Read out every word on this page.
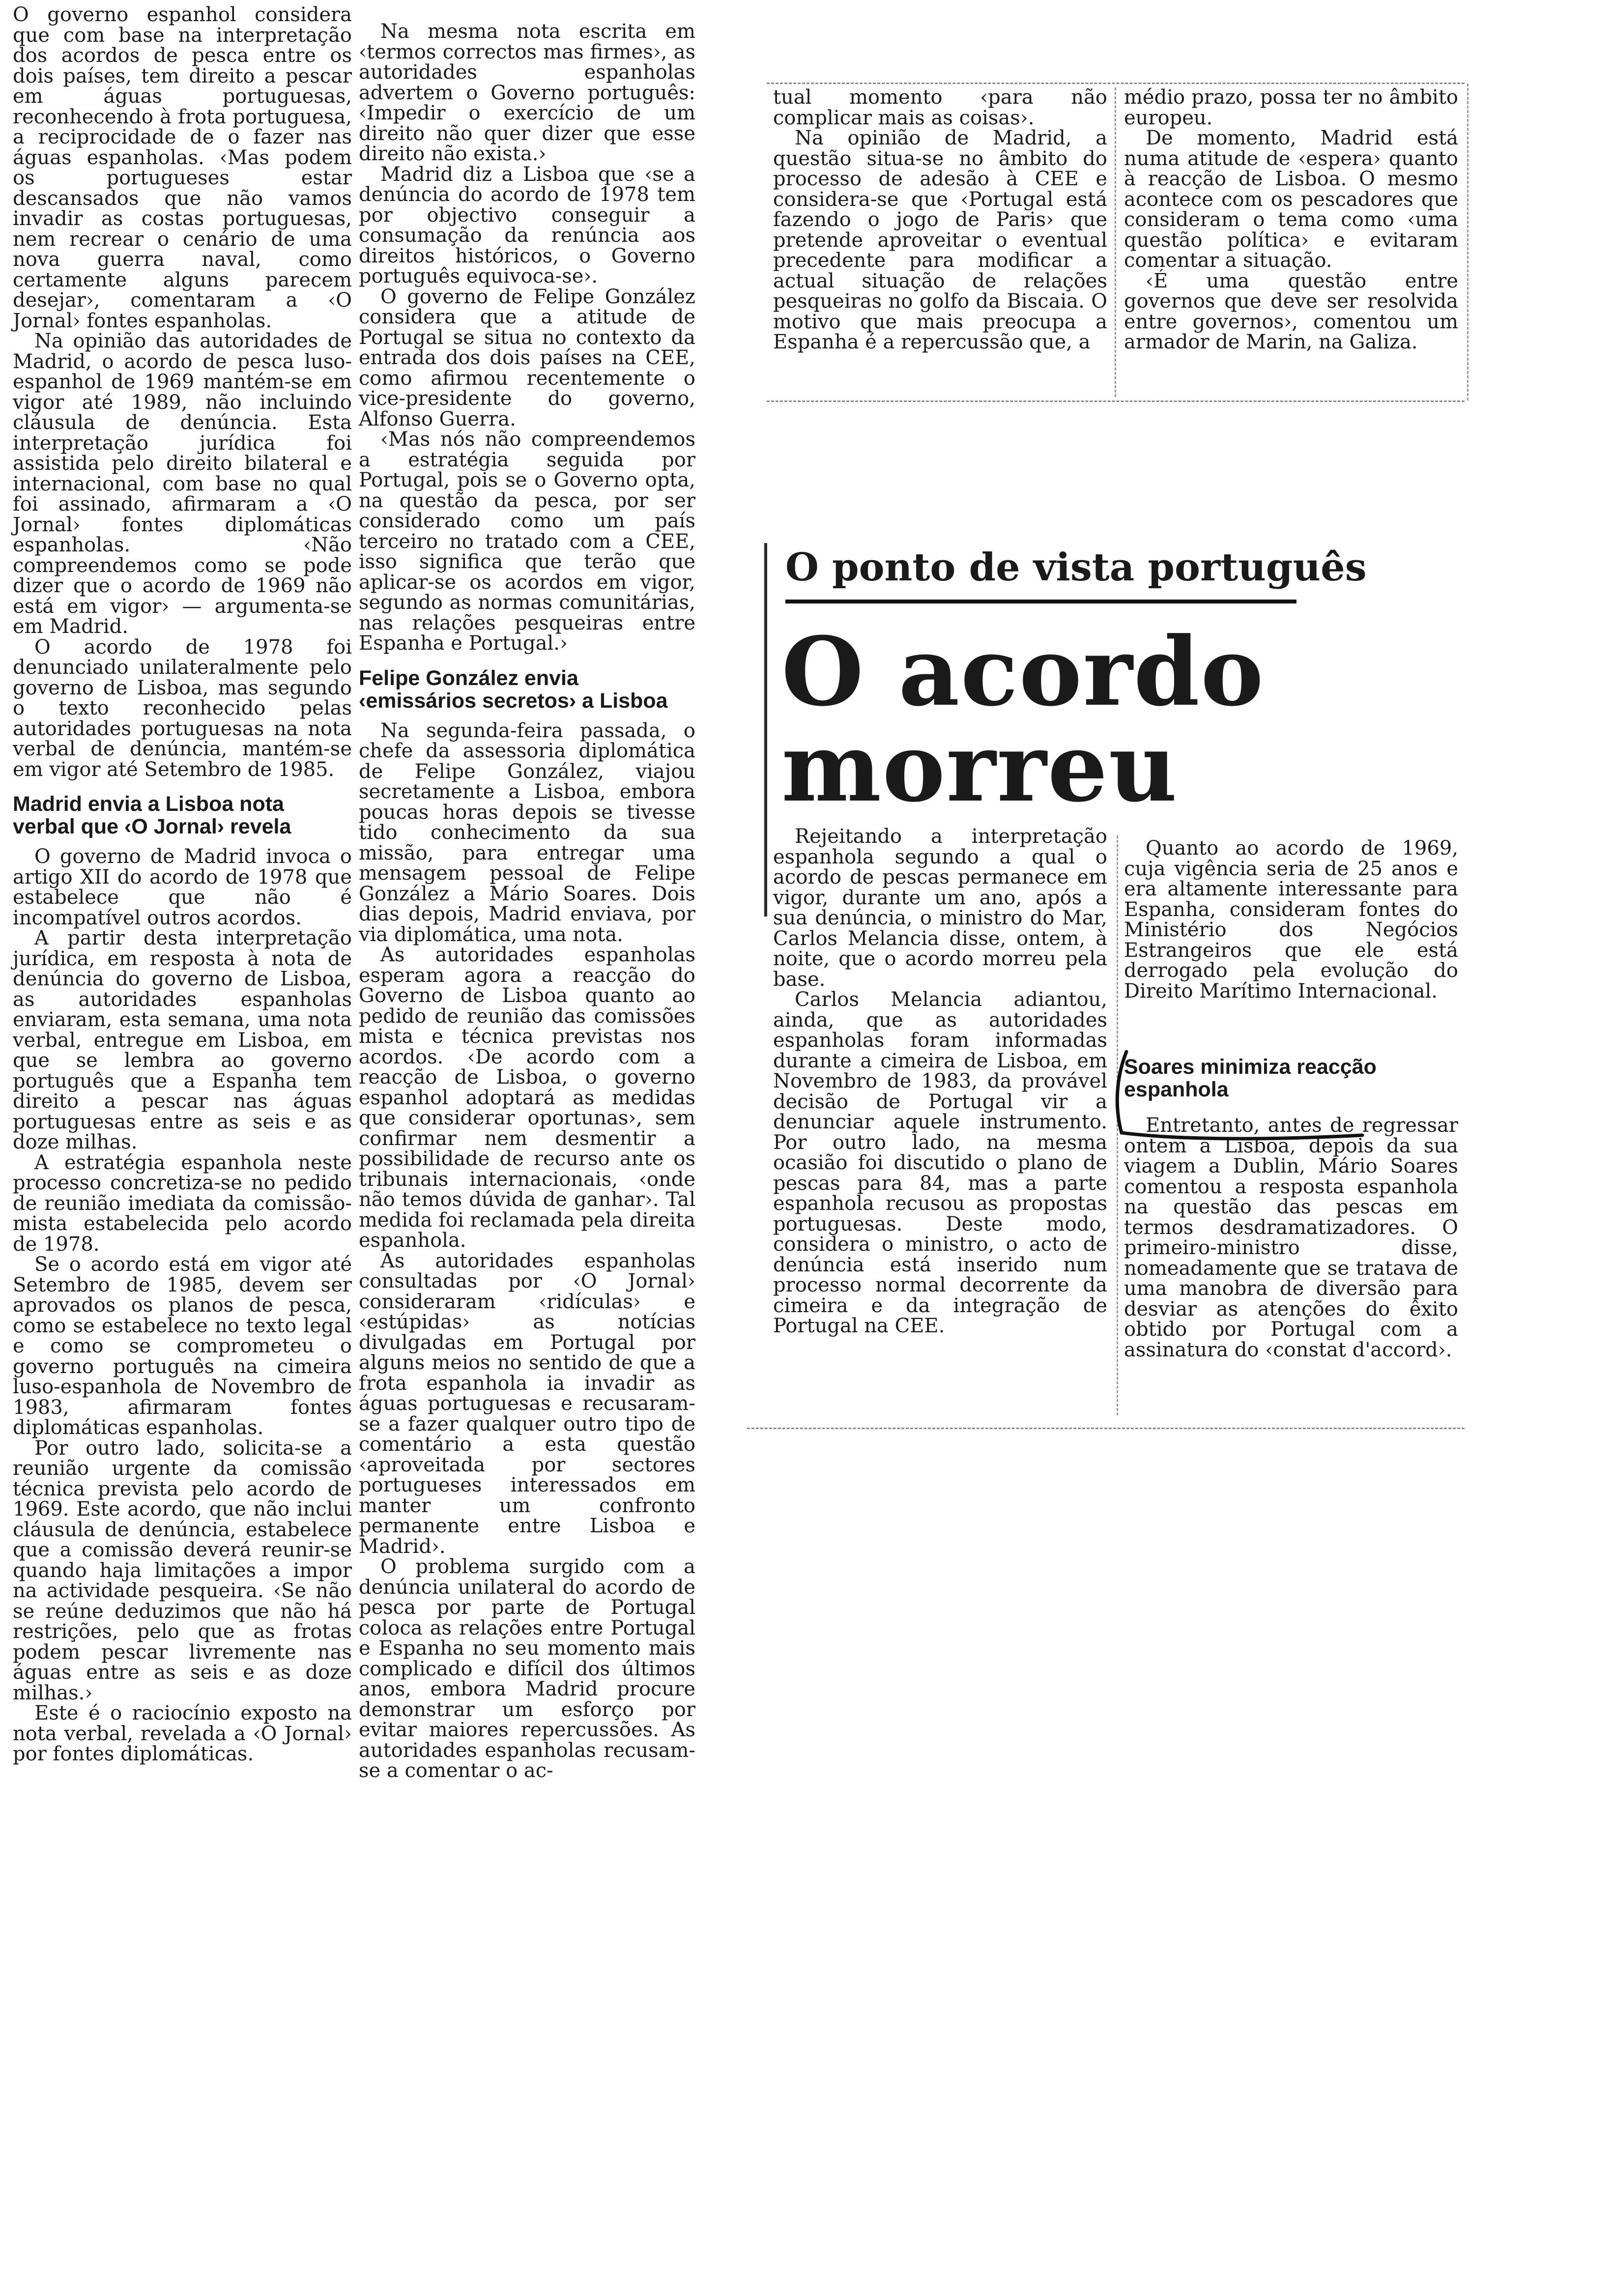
O governo espanhol considera que com base na interpretação dos acordos de pesca entre os dois países, tem direito a pescar em águas portuguesas, reconhecendo à frota portuguesa, a reciprocidade de o fazer nas águas espanholas. ‹Mas podem os portugueses estar descansados que não vamos invadir as costas portuguesas, nem recrear o cenário de uma nova guerra naval, como certamente alguns parecem desejar›, comentaram a ‹O Jornal› fontes espanholas.

Na opinião das autoridades de Madrid, o acordo de pesca luso-espanhol de 1969 mantém-se em vigor até 1989, não incluindo cláusula de denúncia. Esta interpretação jurídica foi assistida pelo direito bilateral e internacional, com base no qual foi assinado, afirmaram a ‹O Jornal› fontes diplomáticas espanholas. ‹Não compreendemos como se pode dizer que o acordo de 1969 não está em vigor› — argumenta-se em Madrid.

O acordo de 1978 foi denunciado unilateralmente pelo governo de Lisboa, mas segundo o texto reconhecido pelas autoridades portuguesas na nota verbal de denúncia, mantém-se em vigor até Setembro de 1985.

Madrid envia a Lisboa nota verbal que ‹O Jornal› revela

O governo de Madrid invoca o artigo XII do acordo de 1978 que estabelece que não é incompatível outros acordos.

A partir desta interpretação jurídica, em resposta à nota de denúncia do governo de Lisboa, as autoridades espanholas enviaram, esta semana, uma nota verbal, entregue em Lisboa, em que se lembra ao governo português que a Espanha tem direito a pescar nas águas portuguesas entre as seis e as doze milhas.

A estratégia espanhola neste processo concretiza-se no pedido de reunião imediata da comissão-mista estabelecida pelo acordo de 1978.

Se o acordo está em vigor até Setembro de 1985, devem ser aprovados os planos de pesca, como se estabelece no texto legal e como se comprometeu o governo português na cimeira luso-espanhola de Novembro de 1983, afirmaram fontes diplomáticas espanholas.

Por outro lado, solicita-se a reunião urgente da comissão técnica prevista pelo acordo de 1969. Este acordo, que não inclui cláusula de denúncia, estabelece que a comissão deverá reunir-se quando haja limitações a impor na actividade pesqueira. ‹Se não se reúne deduzimos que não há restrições, pelo que as frotas podem pescar livremente nas águas entre as seis e as doze milhas.›

Este é o raciocínio exposto na nota verbal, revelada a ‹O Jornal› por fontes diplomáticas.

Na mesma nota escrita em ‹termos correctos mas firmes›, as autoridades espanholas advertem o Governo português: ‹Impedir o exercício de um direito não quer dizer que esse direito não exista.›

Madrid diz a Lisboa que ‹se a denúncia do acordo de 1978 tem por objectivo conseguir a consumação da renúncia aos direitos históricos, o Governo português equivoca-se›.

O governo de Felipe González considera que a atitude de Portugal se situa no contexto da entrada dos dois países na CEE, como afirmou recentemente o vice-presidente do governo, Alfonso Guerra.

‹Mas nós não compreendemos a estratégia seguida por Portugal, pois se o Governo opta, na questão da pesca, por ser considerado como um país terceiro no tratado com a CEE, isso significa que terão que aplicar-se os acordos em vigor, segundo as normas comunitárias, nas relações pesqueiras entre Espanha e Portugal.›

Felipe González envia ‹emissários secretos› a Lisboa

Na segunda-feira passada, o chefe da assessoria diplomática de Felipe González, viajou secretamente a Lisboa, embora poucas horas depois se tivesse tido conhecimento da sua missão, para entregar uma mensagem pessoal de Felipe González a Mário Soares. Dois dias depois, Madrid enviava, por via diplomática, uma nota.

As autoridades espanholas esperam agora a reacção do Governo de Lisboa quanto ao pedido de reunião das comissões mista e técnica previstas nos acordos. ‹De acordo com a reacção de Lisboa, o governo espanhol adoptará as medidas que considerar oportunas›, sem confirmar nem desmentir a possibilidade de recurso ante os tribunais internacionais, ‹onde não temos dúvida de ganhar›. Tal medida foi reclamada pela direita espanhola.

As autoridades espanholas consultadas por ‹O Jornal› consideraram ‹ridículas› e ‹estúpidas› as notícias divulgadas em Portugal por alguns meios no sentido de que a frota espanhola ia invadir as águas portuguesas e recusaram-se a fazer qualquer outro tipo de comentário a esta questão ‹aproveitada por sectores portugueses interessados em manter um confronto permanente entre Lisboa e Madrid›.

O problema surgido com a denúncia unilateral do acordo de pesca por parte de Portugal coloca as relações entre Portugal e Espanha no seu momento mais complicado e difícil dos últimos anos, embora Madrid procure demonstrar um esforço por evitar maiores repercussões. As autoridades espanholas recusam-se a comentar o ac-

tual momento ‹para não complicar mais as coisas›.

Na opinião de Madrid, a questão situa-se no âmbito do processo de adesão à CEE e considera-se que ‹Portugal está fazendo o jogo de Paris› que pretende aproveitar o eventual precedente para modificar a actual situação de relações pesqueiras no golfo da Biscaia. O motivo que mais preocupa a Espanha é a repercussão que, a

médio prazo, possa ter no âmbito europeu.

De momento, Madrid está numa atitude de ‹espera› quanto à reacção de Lisboa. O mesmo acontece com os pescadores que consideram o tema como ‹uma questão política› e evitaram comentar a situação.

‹É uma questão entre governos que deve ser resolvida entre governos›, comentou um armador de Marin, na Galiza.

O ponto de vista português
O acordo
morreu

Rejeitando a interpretação espanhola segundo a qual o acordo de pescas permanece em vigor, durante um ano, após a sua denúncia, o ministro do Mar, Carlos Melancia disse, ontem, à noite, que o acordo morreu pela base.

Carlos Melancia adiantou, ainda, que as autoridades espanholas foram informadas durante a cimeira de Lisboa, em Novembro de 1983, da provável decisão de Portugal vir a denunciar aquele instrumento. Por outro lado, na mesma ocasião foi discutido o plano de pescas para 84, mas a parte espanhola recusou as propostas portuguesas. Deste modo, considera o ministro, o acto de denúncia está inserido num processo normal decorrente da cimeira e da integração de Portugal na CEE.

Quanto ao acordo de 1969, cuja vigência seria de 25 anos e era altamente interessante para Espanha, consideram fontes do Ministério dos Negócios Estrangeiros que ele está derrogado pela evolução do Direito Marítimo Internacional.

Soares minimiza reacção espanhola

Entretanto, antes de regressar ontem a Lisboa, depois da sua viagem a Dublin, Mário Soares comentou a resposta espanhola na questão das pescas em termos desdramatizadores. O primeiro-ministro disse, nomeadamente que se tratava de uma manobra de diversão para desviar as atenções do êxito obtido por Portugal com a assinatura do ‹constat d'accord›.
